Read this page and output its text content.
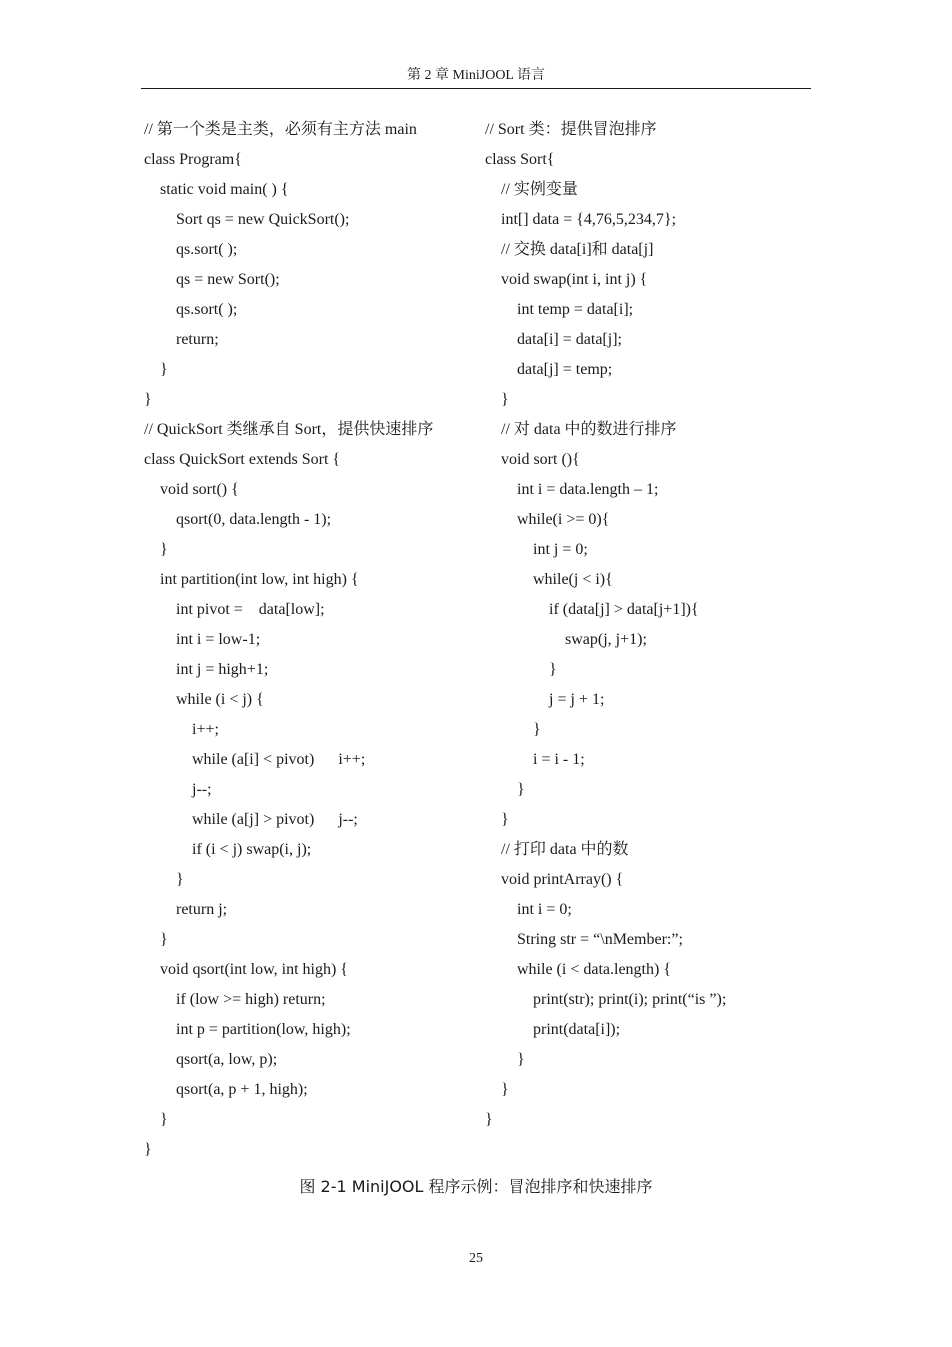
第 2 章 MiniJOOL 语言
// 第一个类是主类，必须有主方法 main
class Program{
static void main( ) {
Sort qs = new QuickSort();
qs.sort( );
qs = new Sort();
qs.sort( );
return;
}
}
// QuickSort 类继承自 Sort，提供快速排序
class QuickSort extends Sort {
void sort() {
qsort(0, data.length - 1);
}
int partition(int low, int high) {
int pivot =    data[low];
int i = low-1;
int j = high+1;
while (i < j) {
i++;
while (a[i] < pivot)      i++;
j--;
while (a[j] > pivot)      j--;
if (i < j) swap(i, j);
}
return j;
}
void qsort(int low, int high) {
if (low >= high) return;
int p = partition(low, high);
qsort(a, low, p);
qsort(a, p + 1, high);
}
}
// Sort 类：提供冒泡排序
class Sort{
// 实例变量
int[] data = {4,76,5,234,7};
// 交换 data[i]和 data[j]
void swap(int i, int j) {
int temp = data[i];
data[i] = data[j];
data[j] = temp;
}
// 对 data 中的数进行排序
void sort (){
int i = data.length – 1;
while(i >= 0){
int j = 0;
while(j < i){
if (data[j] > data[j+1]){
swap(j, j+1);
}
j = j + 1;
}
i = i - 1;
}
}
// 打印 data 中的数
void printArray() {
int i = 0;
String str = “\nMember:”;
while (i < data.length) {
print(str); print(i); print(“is ”);
print(data[i]);
}
}
}
图 2-1 MiniJOOL 程序示例：冒泡排序和快速排序
25
